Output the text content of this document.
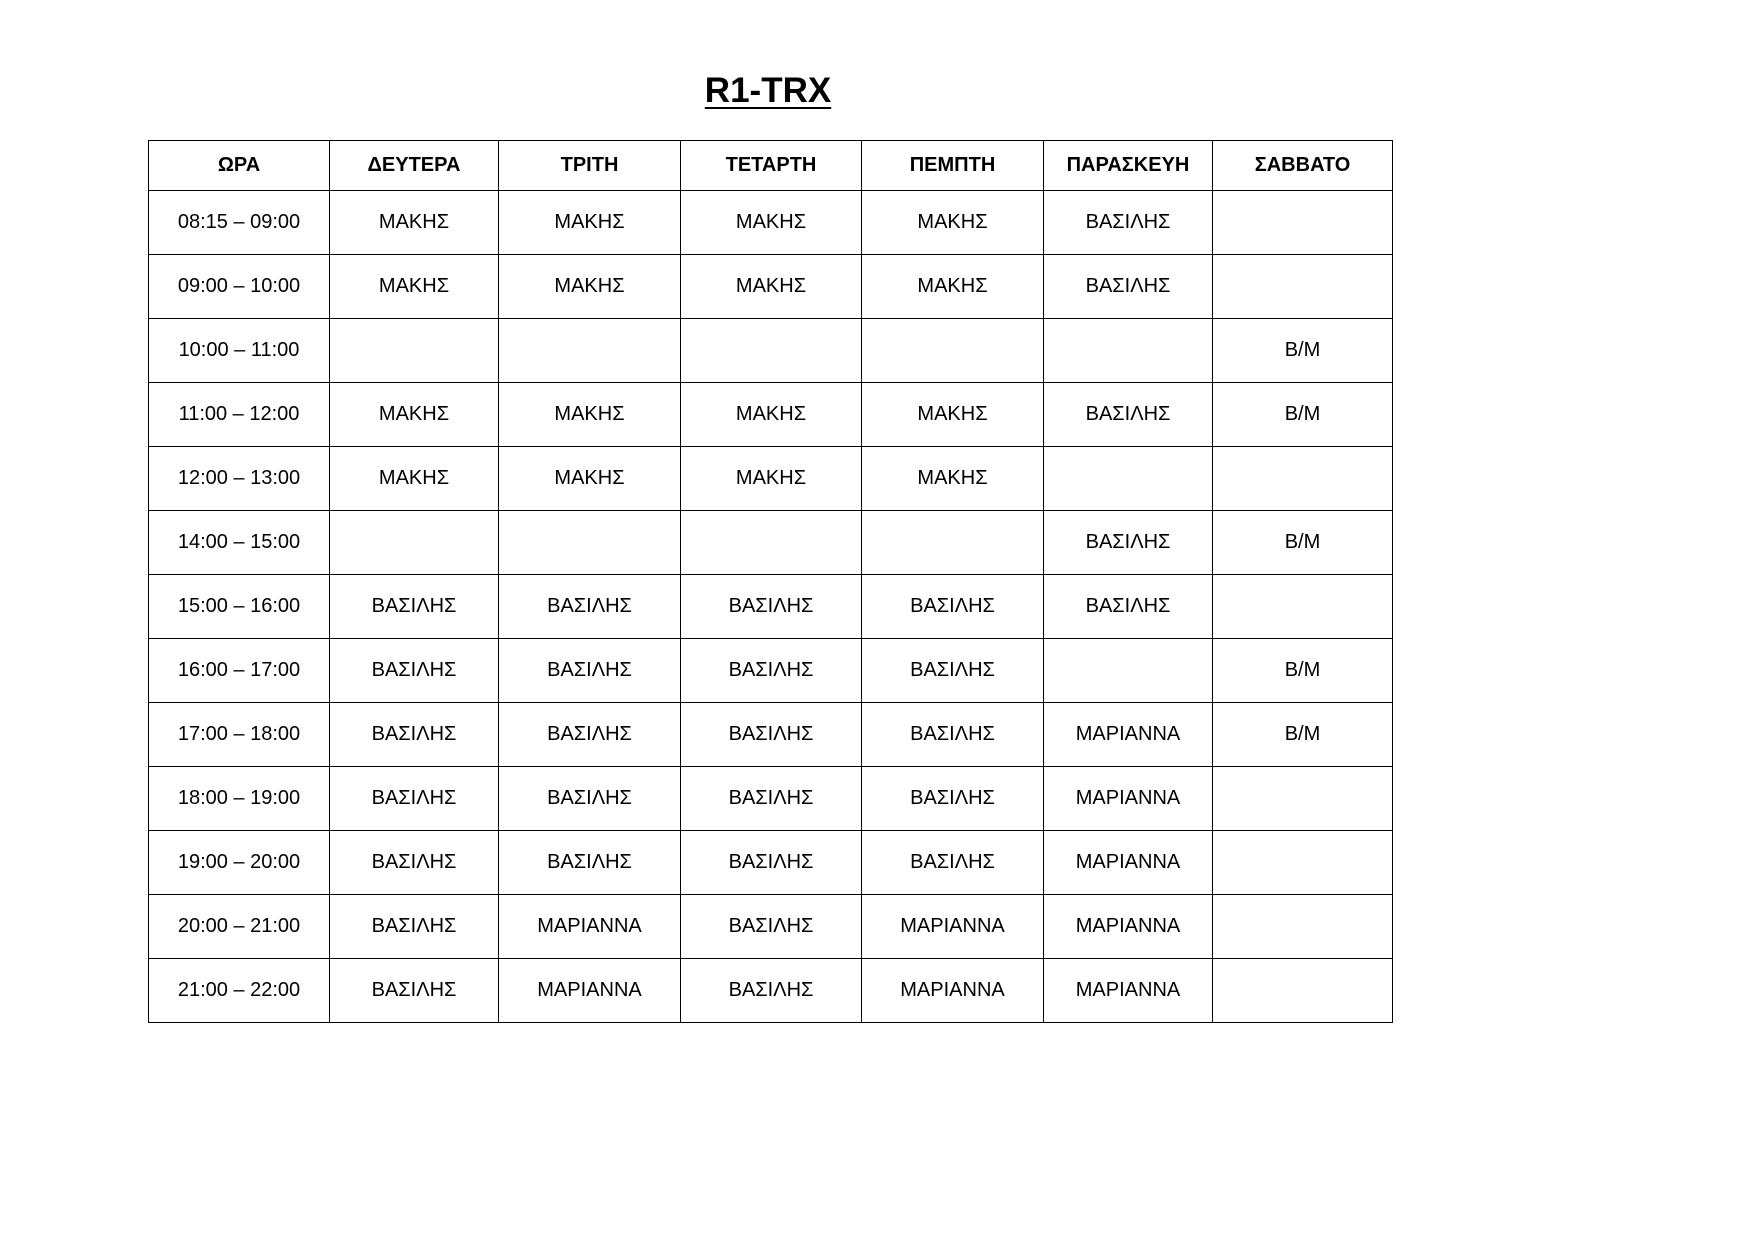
R1-TRX
ΩΡΑ	ΔΕΥΤΕΡΑ	ΤΡΙΤΗ	ΤΕΤΑΡΤΗ	ΠΕΜΠΤΗ	ΠΑΡΑΣΚΕΥΗ	ΣΑΒΒΑΤΟ
08:15 – 09:00	ΜΑΚΗΣ	ΜΑΚΗΣ	ΜΑΚΗΣ	ΜΑΚΗΣ	ΒΑΣΙΛΗΣ	
09:00 – 10:00	ΜΑΚΗΣ	ΜΑΚΗΣ	ΜΑΚΗΣ	ΜΑΚΗΣ	ΒΑΣΙΛΗΣ	
10:00 – 11:00						Β/Μ
11:00 – 12:00	ΜΑΚΗΣ	ΜΑΚΗΣ	ΜΑΚΗΣ	ΜΑΚΗΣ	ΒΑΣΙΛΗΣ	Β/Μ
12:00 – 13:00	ΜΑΚΗΣ	ΜΑΚΗΣ	ΜΑΚΗΣ	ΜΑΚΗΣ		
14:00 – 15:00					ΒΑΣΙΛΗΣ	Β/Μ
15:00 – 16:00	ΒΑΣΙΛΗΣ	ΒΑΣΙΛΗΣ	ΒΑΣΙΛΗΣ	ΒΑΣΙΛΗΣ	ΒΑΣΙΛΗΣ	
16:00 – 17:00	ΒΑΣΙΛΗΣ	ΒΑΣΙΛΗΣ	ΒΑΣΙΛΗΣ	ΒΑΣΙΛΗΣ		Β/Μ
17:00 – 18:00	ΒΑΣΙΛΗΣ	ΒΑΣΙΛΗΣ	ΒΑΣΙΛΗΣ	ΒΑΣΙΛΗΣ	ΜΑΡΙΑΝΝΑ	Β/Μ
18:00 – 19:00	ΒΑΣΙΛΗΣ	ΒΑΣΙΛΗΣ	ΒΑΣΙΛΗΣ	ΒΑΣΙΛΗΣ	ΜΑΡΙΑΝΝΑ	
19:00 – 20:00	ΒΑΣΙΛΗΣ	ΒΑΣΙΛΗΣ	ΒΑΣΙΛΗΣ	ΒΑΣΙΛΗΣ	ΜΑΡΙΑΝΝΑ	
20:00 – 21:00	ΒΑΣΙΛΗΣ	ΜΑΡΙΑΝΝΑ	ΒΑΣΙΛΗΣ	ΜΑΡΙΑΝΝΑ	ΜΑΡΙΑΝΝΑ	
21:00 – 22:00	ΒΑΣΙΛΗΣ	ΜΑΡΙΑΝΝΑ	ΒΑΣΙΛΗΣ	ΜΑΡΙΑΝΝΑ	ΜΑΡΙΑΝΝΑ	
